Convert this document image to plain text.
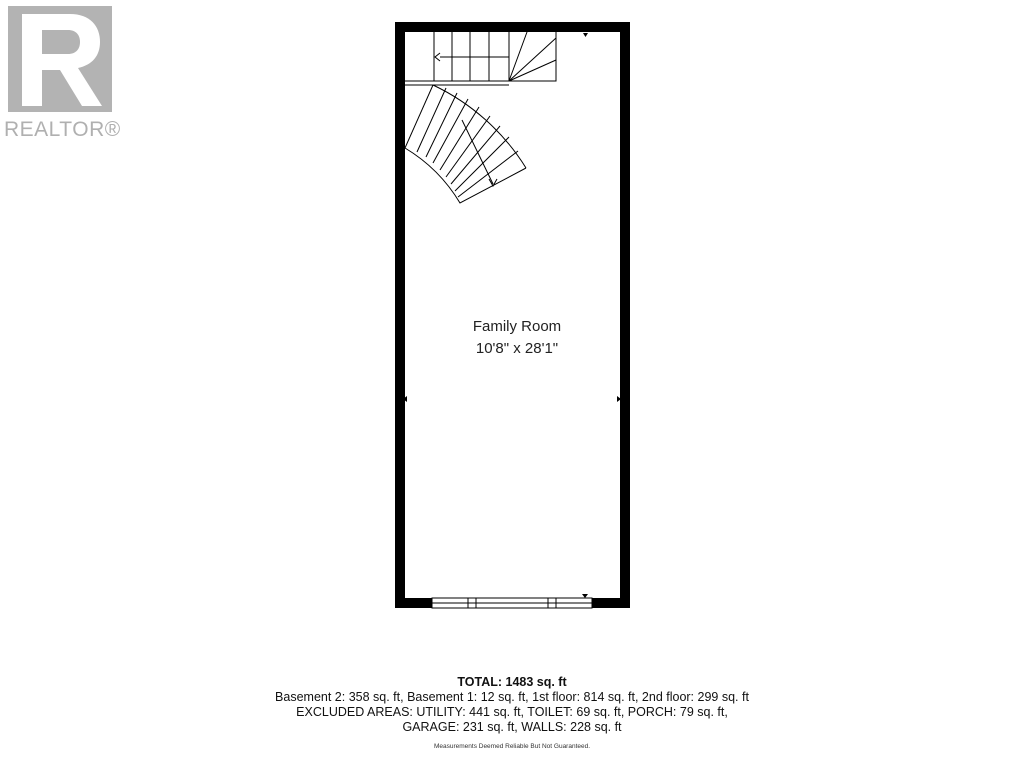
REALTOR®
Family Room
10'8" x 28'1"
TOTAL: 1483 sq. ft
Basement 2: 358 sq. ft, Basement 1: 12 sq. ft, 1st floor: 814 sq. ft, 2nd floor: 299 sq. ft
EXCLUDED AREAS: UTILITY: 441 sq. ft, TOILET: 69 sq. ft, PORCH: 79 sq. ft,
GARAGE: 231 sq. ft, WALLS: 228 sq. ft
Measurements Deemed Reliable But Not Guaranteed.
